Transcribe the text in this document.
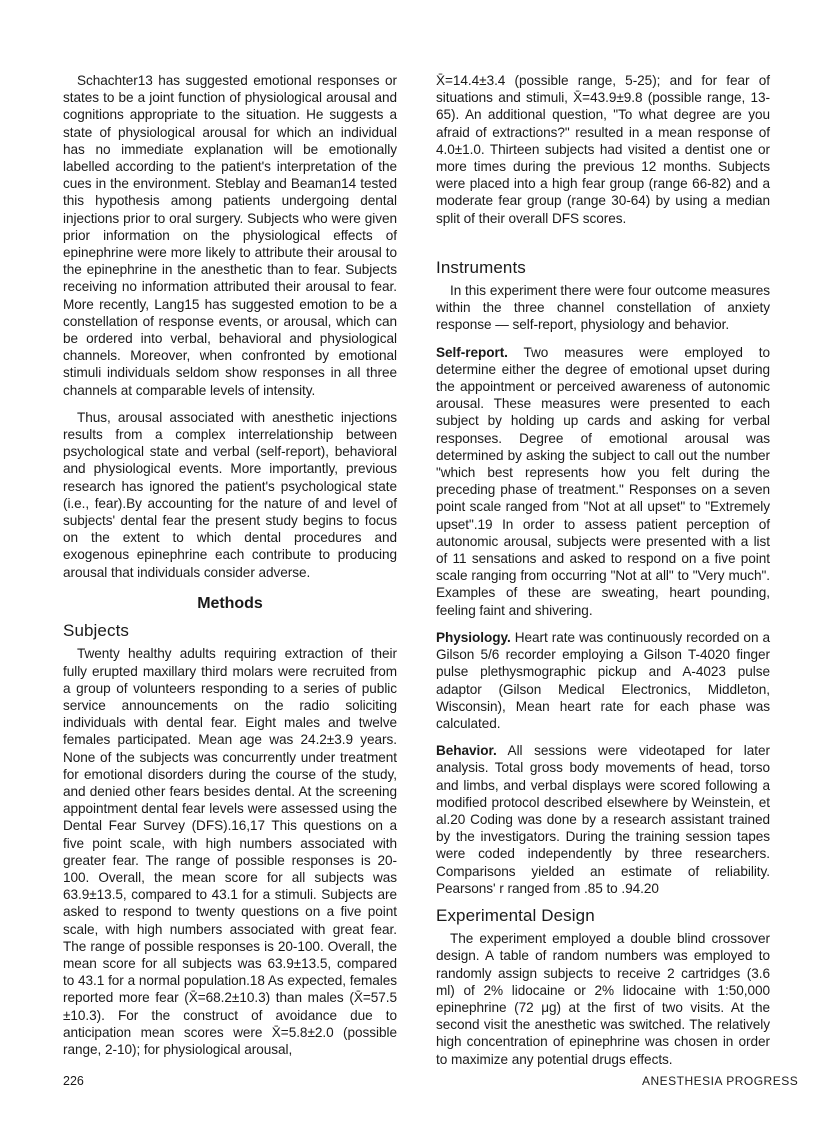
Schachter13 has suggested emotional responses or states to be a joint function of physiological arousal and cognitions appropriate to the situation. He suggests a state of physiological arousal for which an individual has no immediate explanation will be emotionally labelled according to the patient's interpretation of the cues in the environment. Steblay and Beaman14 tested this hypothesis among patients undergoing dental injections prior to oral surgery. Subjects who were given prior information on the physiological effects of epinephrine were more likely to attribute their arousal to the epinephrine in the anesthetic than to fear. Subjects receiving no information attributed their arousal to fear. More recently, Lang15 has suggested emotion to be a constellation of response events, or arousal, which can be ordered into verbal, behavioral and physiological channels. Moreover, when confronted by emotional stimuli individuals seldom show responses in all three channels at comparable levels of intensity.

Thus, arousal associated with anesthetic injections results from a complex interrelationship between psychological state and verbal (self-report), behavioral and physiological events. More importantly, previous research has ignored the patient's psychological state (i.e., fear).By accounting for the nature of and level of subjects' dental fear the present study begins to focus on the extent to which dental procedures and exogenous epinephrine each contribute to producing arousal that individuals consider adverse.

Methods
Subjects

Twenty healthy adults requiring extraction of their fully erupted maxillary third molars were recruited from a group of volunteers responding to a series of public service announcements on the radio soliciting individuals with dental fear. Eight males and twelve females participated. Mean age was 24.2±3.9 years. None of the subjects was concurrently under treatment for emotional disorders during the course of the study, and denied other fears besides dental. At the screening appointment dental fear levels were assessed using the Dental Fear Survey (DFS).16,17 This questions on a five point scale, with high numbers associated with greater fear. The range of possible responses is 20-100. Overall, the mean score for all subjects was 63.9±13.5, compared to 43.1 for a stimuli. Subjects are asked to respond to twenty questions on a five point scale, with high numbers associated with great fear. The range of possible responses is 20-100. Overall, the mean score for all subjects was 63.9±13.5, compared to 43.1 for a normal population.18 As expected, females reported more fear (X̄=68.2±10.3) than males (X̄=57.5 ±10.3). For the construct of avoidance due to anticipation mean scores were X̄=5.8±2.0 (possible range, 2-10); for physiological arousal,

X̄=14.4±3.4 (possible range, 5-25); and for fear of situations and stimuli, X̄=43.9±9.8 (possible range, 13-65). An additional question, "To what degree are you afraid of extractions?" resulted in a mean response of 4.0±1.0. Thirteen subjects had visited a dentist one or more times during the previous 12 months. Subjects were placed into a high fear group (range 66-82) and a moderate fear group (range 30-64) by using a median split of their overall DFS scores.

Instruments

In this experiment there were four outcome measures within the three channel constellation of anxiety response — self-report, physiology and behavior.

Self-report. Two measures were employed to determine either the degree of emotional upset during the appointment or perceived awareness of autonomic arousal. These measures were presented to each subject by holding up cards and asking for verbal responses. Degree of emotional arousal was determined by asking the subject to call out the number "which best represents how you felt during the preceding phase of treatment." Responses on a seven point scale ranged from "Not at all upset" to "Extremely upset".19 In order to assess patient perception of autonomic arousal, subjects were presented with a list of 11 sensations and asked to respond on a five point scale ranging from occurring "Not at all" to "Very much". Examples of these are sweating, heart pounding, feeling faint and shivering.

Physiology. Heart rate was continuously recorded on a Gilson 5/6 recorder employing a Gilson T-4020 finger pulse plethysmographic pickup and A-4023 pulse adaptor (Gilson Medical Electronics, Middleton, Wisconsin), Mean heart rate for each phase was calculated.

Behavior. All sessions were videotaped for later analysis. Total gross body movements of head, torso and limbs, and verbal displays were scored following a modified protocol described elsewhere by Weinstein, et al.20 Coding was done by a research assistant trained by the investigators. During the training session tapes were coded independently by three researchers. Comparisons yielded an estimate of reliability. Pearsons' r ranged from .85 to .94.20

Experimental Design

The experiment employed a double blind crossover design. A table of random numbers was employed to randomly assign subjects to receive 2 cartridges (3.6 ml) of 2% lidocaine or 2% lidocaine with 1:50,000 epinephrine (72 μg) at the first of two visits. At the second visit the anesthetic was switched. The relatively high concentration of epinephrine was chosen in order to maximize any potential drugs effects.

226	ANESTHESIA PROGRESS
